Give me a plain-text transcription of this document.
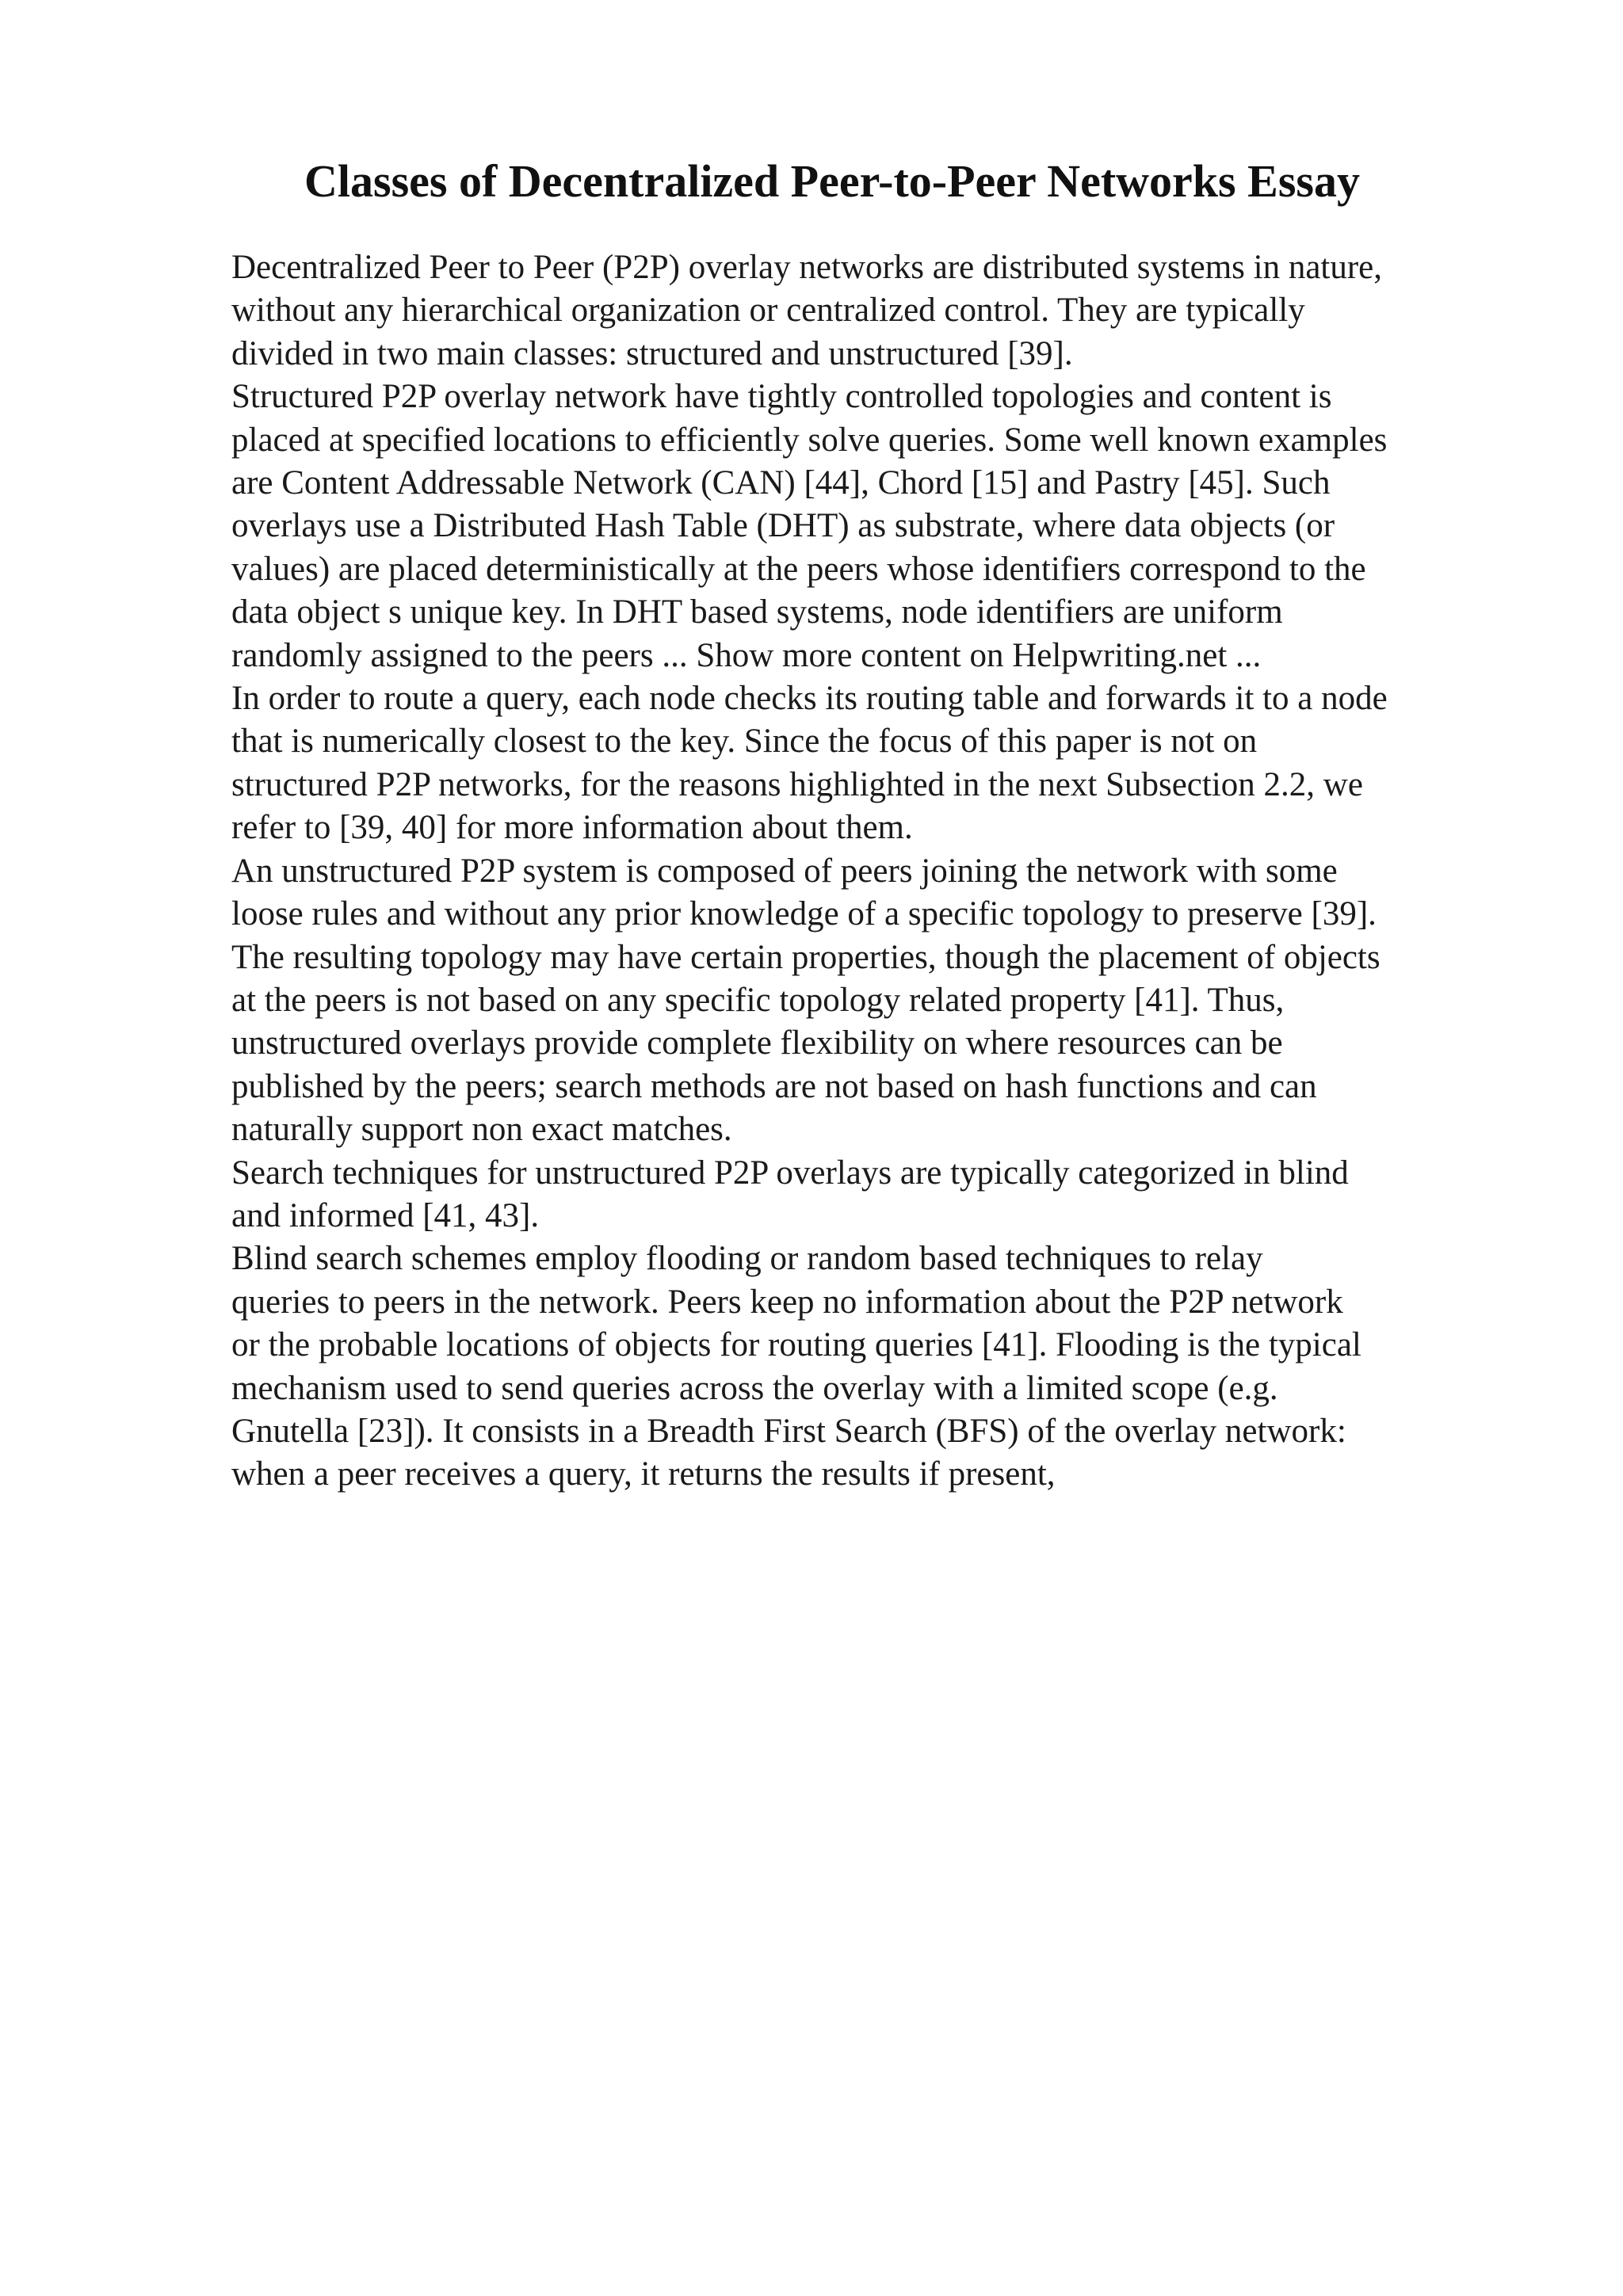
Classes of Decentralized Peer-to-Peer Networks Essay
Decentralized Peer to Peer (P2P) overlay networks are distributed systems in nature,
without any hierarchical organization or centralized control. They are typically
divided in two main classes: structured and unstructured [39].
Structured P2P overlay network have tightly controlled topologies and content is
placed at specified locations to efficiently solve queries. Some well known examples
are Content Addressable Network (CAN) [44], Chord [15] and Pastry [45]. Such
overlays use a Distributed Hash Table (DHT) as substrate, where data objects (or
values) are placed deterministically at the peers whose identifiers correspond to the
data object s unique key. In DHT based systems, node identifiers are uniform
randomly assigned to the peers ... Show more content on Helpwriting.net ...
In order to route a query, each node checks its routing table and forwards it to a node
that is numerically closest to the key. Since the focus of this paper is not on
structured P2P networks, for the reasons highlighted in the next Subsection 2.2, we
refer to [39, 40] for more information about them.
An unstructured P2P system is composed of peers joining the network with some
loose rules and without any prior knowledge of a specific topology to preserve [39].
The resulting topology may have certain properties, though the placement of objects
at the peers is not based on any specific topology related property [41]. Thus,
unstructured overlays provide complete flexibility on where resources can be
published by the peers; search methods are not based on hash functions and can
naturally support non exact matches.
Search techniques for unstructured P2P overlays are typically categorized in blind
and informed [41, 43].
Blind search schemes employ flooding or random based techniques to relay
queries to peers in the network. Peers keep no information about the P2P network
or the probable locations of objects for routing queries [41]. Flooding is the typical
mechanism used to send queries across the overlay with a limited scope (e.g.
Gnutella [23]). It consists in a Breadth First Search (BFS) of the overlay network:
when a peer receives a query, it returns the results if present,
